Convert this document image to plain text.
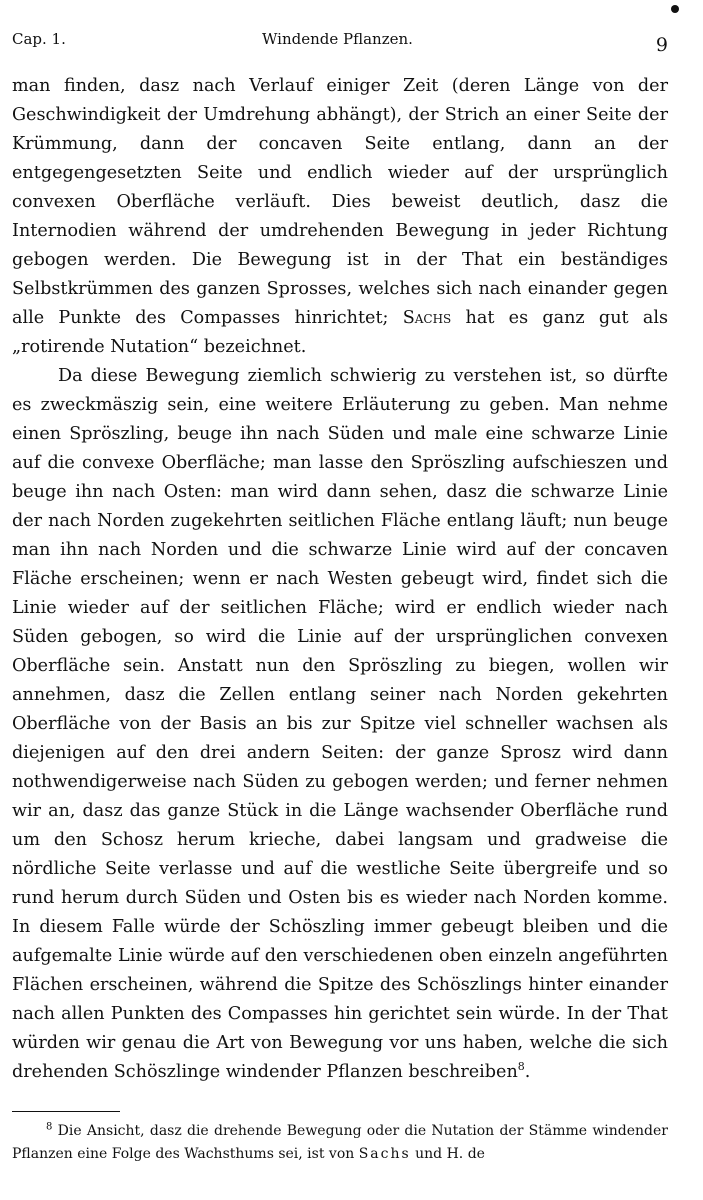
Cap. 1.	Windende Pflanzen.	9

man finden, dasz nach Verlauf einiger Zeit (deren Länge von der Geschwindigkeit der Umdrehung abhängt), der Strich an einer Seite der Krümmung, dann der concaven Seite entlang, dann an der entgegengesetzten Seite und endlich wieder auf der ursprünglich convexen Oberfläche verläuft. Dies beweist deutlich, dasz die Internodien während der umdrehenden Bewegung in jeder Richtung gebogen werden. Die Bewegung ist in der That ein beständiges Selbstkrümmen des ganzen Sprosses, welches sich nach einander gegen alle Punkte des Compasses hinrichtet; Sachs hat es ganz gut als „rotirende Nutation“ bezeichnet.

Da diese Bewegung ziemlich schwierig zu verstehen ist, so dürfte es zweckmäszig sein, eine weitere Erläuterung zu geben. Man nehme einen Spröszling, beuge ihn nach Süden und male eine schwarze Linie auf die convexe Oberfläche; man lasse den Spröszling aufschieszen und beuge ihn nach Osten: man wird dann sehen, dasz die schwarze Linie der nach Norden zugekehrten seitlichen Fläche entlang läuft; nun beuge man ihn nach Norden und die schwarze Linie wird auf der concaven Fläche erscheinen; wenn er nach Westen gebeugt wird, findet sich die Linie wieder auf der seitlichen Fläche; wird er endlich wieder nach Süden gebogen, so wird die Linie auf der ursprünglichen convexen Oberfläche sein. Anstatt nun den Spröszling zu biegen, wollen wir annehmen, dasz die Zellen entlang seiner nach Norden gekehrten Oberfläche von der Basis an bis zur Spitze viel schneller wachsen als diejenigen auf den drei andern Seiten: der ganze Sprosz wird dann nothwendigerweise nach Süden zu gebogen werden; und ferner nehmen wir an, dasz das ganze Stück in die Länge wachsender Oberfläche rund um den Schosz herum krieche, dabei langsam und gradweise die nördliche Seite verlasse und auf die westliche Seite übergreife und so rund herum durch Süden und Osten bis es wieder nach Norden komme. In diesem Falle würde der Schöszling immer gebeugt bleiben und die aufgemalte Linie würde auf den verschiedenen oben einzeln angeführten Flächen erscheinen, während die Spitze des Schöszlings hinter einander nach allen Punkten des Compasses hin gerichtet sein würde. In der That würden wir genau die Art von Bewegung vor uns haben, welche die sich drehenden Schöszlinge windender Pflanzen beschreiben$^8$.

$^8$ Die Ansicht, dasz die drehende Bewegung oder die Nutation der Stämme windender Pflanzen eine Folge des Wachsthums sei, ist von Sachs und H. de
